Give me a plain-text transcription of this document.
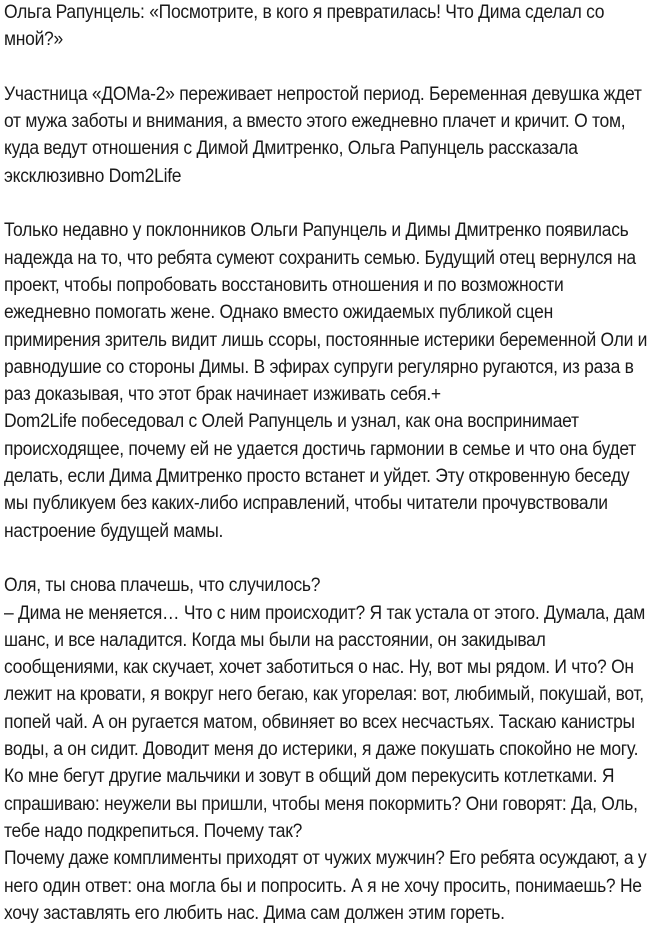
Ольга Рапунцель: «Посмотрите, в кого я превратилась! Что Дима сделал со
мной?»
Участница «ДОМа-2» переживает непростой период. Беременная девушка ждет
от мужа заботы и внимания, а вместо этого ежедневно плачет и кричит. О том,
куда ведут отношения с Димой Дмитренко, Ольга Рапунцель рассказала
эксклюзивно Dom2Life
Только недавно у поклонников Ольги Рапунцель и Димы Дмитренко появилась
надежда на то, что ребята сумеют сохранить семью. Будущий отец вернулся на
проект, чтобы попробовать восстановить отношения и по возможности
ежедневно помогать жене. Однако вместо ожидаемых публикой сцен
примирения зритель видит лишь ссоры, постоянные истерики беременной Оли и
равнодушие со стороны Димы. В эфирах супруги регулярно ругаются, из раза в
раз доказывая, что этот брак начинает изживать себя.+
Dom2Life побеседовал с Олей Рапунцель и узнал, как она воспринимает
происходящее, почему ей не удается достичь гармонии в семье и что она будет
делать, если Дима Дмитренко просто встанет и уйдет. Эту откровенную беседу
мы публикуем без каких-либо исправлений, чтобы читатели прочувствовали
настроение будущей мамы.
Оля, ты снова плачешь, что случилось?
– Дима не меняется… Что с ним происходит? Я так устала от этого. Думала, дам
шанс, и все наладится. Когда мы были на расстоянии, он закидывал
сообщениями, как скучает, хочет заботиться о нас. Ну, вот мы рядом. И что? Он
лежит на кровати, я вокруг него бегаю, как угорелая: вот, любимый, покушай, вот,
попей чай. А он ругается матом, обвиняет во всех несчастьях. Таскаю канистры
воды, а он сидит. Доводит меня до истерики, я даже покушать спокойно не могу.
Ко мне бегут другие мальчики и зовут в общий дом перекусить котлетками. Я
спрашиваю: неужели вы пришли, чтобы меня покормить? Они говорят: Да, Оль,
тебе надо подкрепиться. Почему так?
Почему даже комплименты приходят от чужих мужчин? Его ребята осуждают, а у
него один ответ: она могла бы и попросить. А я не хочу просить, понимаешь? Не
хочу заставлять его любить нас. Дима сам должен этим гореть.
